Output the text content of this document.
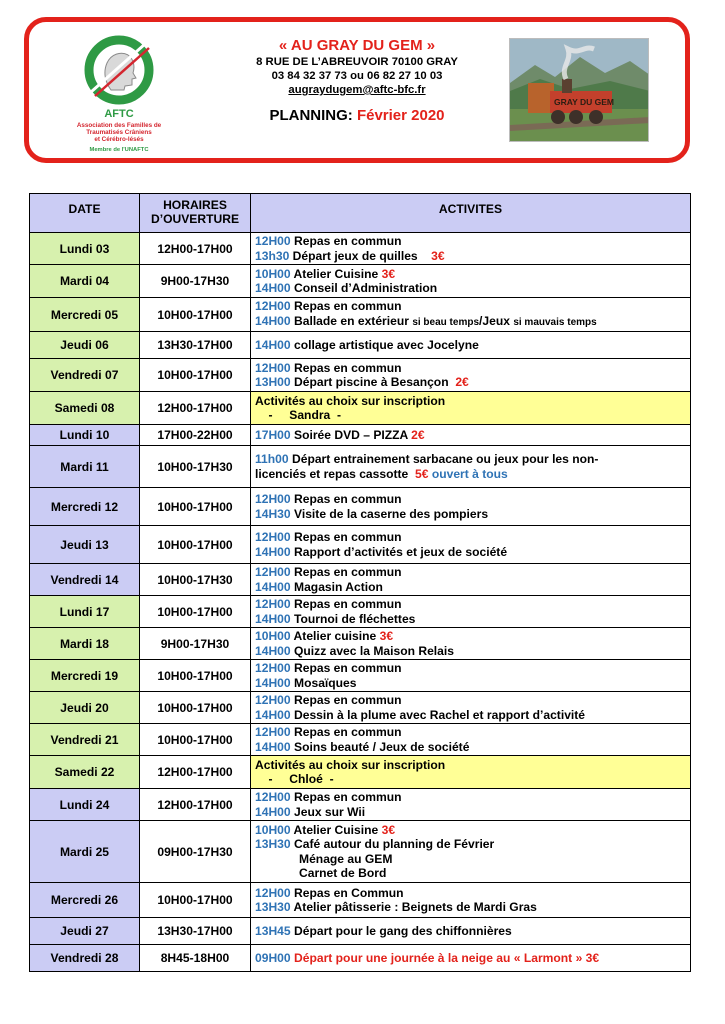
AFTC
Association des Familles de
Traumatisés Crâniens
et Cérébro-lésés
Membre de l'UNAFTC
« AU GRAY DU GEM »
8 RUE DE L’ABREUVOIR 70100 GRAY
03 84 32 37 73 ou 06 82 27 10 03
augraydugem@aftc-bfc.fr
PLANNING: Février 2020
GRAY DU GEM
DATE	HORAIRES
D’OUVERTURE	ACTIVITES
Lundi 03	12H00-17H00	12H00 Repas en commun
13h30 Départ jeux de quilles    3€

Mardi 04	9H00-17H30	10H00 Atelier Cuisine 3€
14H00 Conseil d’Administration

Mercredi 05	10H00-17H00	12H00 Repas en commun
14H00 Ballade en extérieur si beau temps/Jeux si mauvais temps

Jeudi 06	13H30-17H00	14H00 collage artistique avec Jocelyne

Vendredi 07	10H00-17H00	12H00 Repas en commun
13H00 Départ piscine à Besançon  2€

Samedi 08	12H00-17H00	Activités au choix sur inscription
-     Sandra  -

Lundi 10	17H00-22H00	17H00 Soirée DVD – PIZZA 2€

Mardi 11	10H00-17H30	11h00 Départ entrainement sarbacane ou jeux pour les non-
licenciés et repas cassotte  5€ ouvert à tous

Mercredi 12	10H00-17H00	12H00 Repas en commun
14H30 Visite de la caserne des pompiers

Jeudi 13	10H00-17H00	12H00 Repas en commun
14H00 Rapport d’activités et jeux de société

Vendredi 14	10H00-17H30	12H00 Repas en commun
14H00 Magasin Action

Lundi 17	10H00-17H00	12H00 Repas en commun
14H00 Tournoi de fléchettes

Mardi 18	9H00-17H30	10H00 Atelier cuisine 3€
14H00 Quizz avec la Maison Relais

Mercredi 19	10H00-17H00	12H00 Repas en commun
14H00 Mosaïques

Jeudi 20	10H00-17H00	12H00 Repas en commun
14H00 Dessin à la plume avec Rachel et rapport d’activité

Vendredi 21	10H00-17H00	12H00 Repas en commun
14H00 Soins beauté / Jeux de société

Samedi 22	12H00-17H00	Activités au choix sur inscription
-     Chloé  -

Lundi 24	12H00-17H00	12H00 Repas en commun
14H00 Jeux sur Wii

Mardi 25	09H00-17H30	10H00 Atelier Cuisine 3€
13H30 Café autour du planning de Février
Ménage au GEM
Carnet de Bord

Mercredi 26	10H00-17H00	12H00 Repas en Commun
13H30 Atelier pâtisserie : Beignets de Mardi Gras

Jeudi 27	13H30-17H00	13H45 Départ pour le gang des chiffonnières

Vendredi 28	8H45-18H00	09H00 Départ pour une journée à la neige au « Larmont » 3€
